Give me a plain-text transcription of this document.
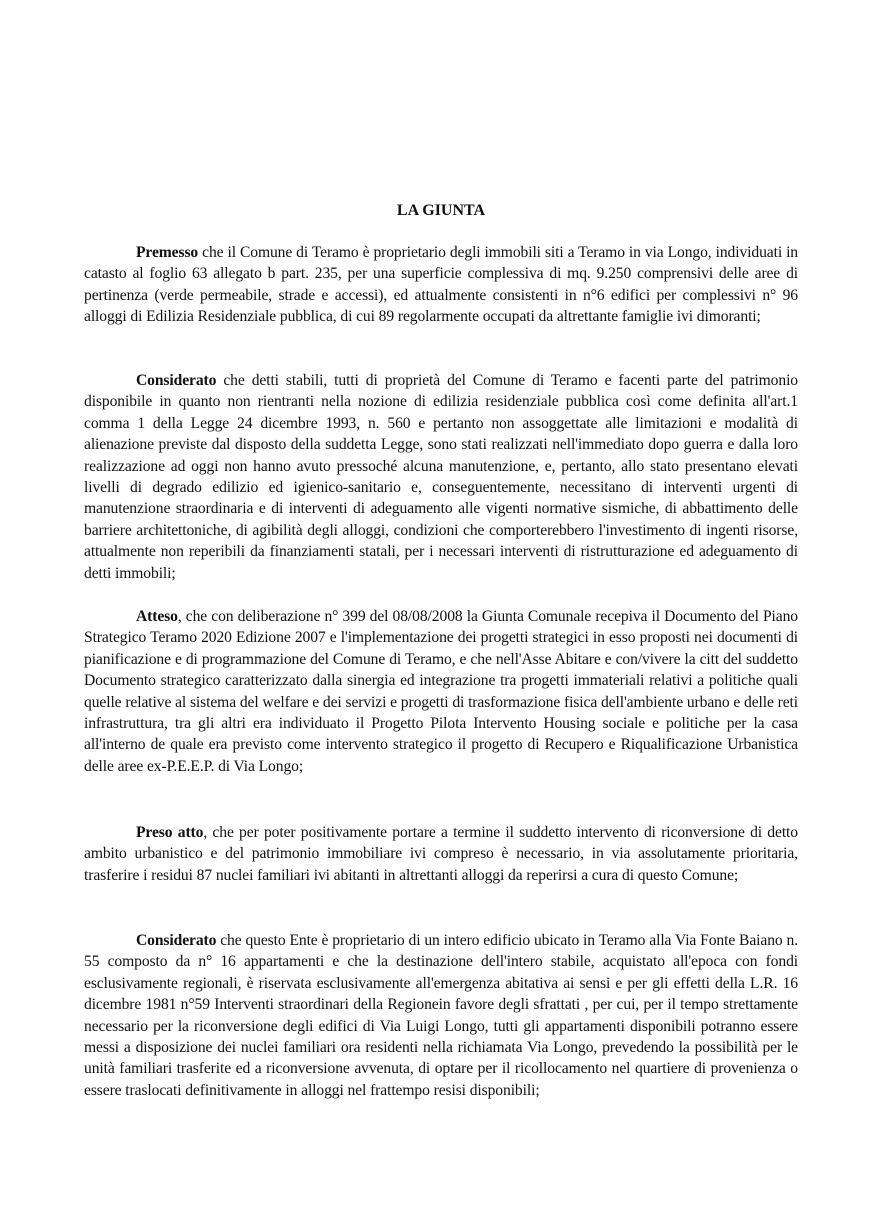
LA GIUNTA

Premesso che il Comune di Teramo è proprietario degli immobili siti a Teramo in via Longo, individuati in catasto al foglio 63 allegato b part. 235, per una superficie complessiva di mq. 9.250 comprensivi delle aree di pertinenza (verde permeabile, strade e accessi), ed attualmente consistenti in n°6 edifici per complessivi n° 96 alloggi di Edilizia Residenziale pubblica, di cui 89 regolarmente occupati da altrettante famiglie ivi dimoranti;

Considerato che detti stabili, tutti di proprietà del Comune di Teramo e facenti parte del patrimonio disponibile in quanto non rientranti nella nozione di edilizia residenziale pubblica così come definita all'art.1 comma 1 della Legge 24 dicembre 1993, n. 560 e pertanto non assoggettate alle limitazioni e modalità di alienazione previste dal disposto della suddetta Legge, sono stati realizzati nell'immediato dopo guerra e dalla loro realizzazione ad oggi non hanno avuto pressoché alcuna manutenzione, e, pertanto, allo stato presentano elevati livelli di degrado edilizio ed igienico-sanitario e, conseguentemente, necessitano di interventi urgenti di manutenzione straordinaria e di interventi di adeguamento alle vigenti normative sismiche, di abbattimento delle barriere architettoniche, di agibilità degli alloggi, condizioni che comporterebbero l'investimento di ingenti risorse, attualmente non reperibili da finanziamenti statali, per i necessari interventi di ristrutturazione ed adeguamento di detti immobili;

Atteso, che con deliberazione n° 399 del 08/08/2008 la Giunta Comunale recepiva il Documento del Piano Strategico Teramo 2020 Edizione 2007 e l'implementazione dei progetti strategici in esso proposti nei documenti di pianificazione e di programmazione del Comune di Teramo, e che nell'Asse Abitare e con/vivere la citt del suddetto Documento strategico caratterizzato dalla sinergia ed integrazione tra progetti immateriali relativi a politiche quali quelle relative al sistema del welfare e dei servizi e progetti di trasformazione fisica dell'ambiente urbano e delle reti infrastruttura, tra gli altri era individuato il Progetto Pilota Intervento Housing sociale e politiche per la casa all'interno de quale era previsto come intervento strategico il progetto di Recupero e Riqualificazione Urbanistica delle aree ex-P.E.E.P. di Via Longo;

Preso atto, che per poter positivamente portare a termine il suddetto intervento di riconversione di detto ambito urbanistico e del patrimonio immobiliare ivi compreso è necessario, in via assolutamente prioritaria, trasferire i residui 87 nuclei familiari ivi abitanti in altrettanti alloggi da reperirsi a cura di questo Comune;

Considerato che questo Ente è proprietario di un intero edificio ubicato in Teramo alla Via Fonte Baiano n. 55 composto da n° 16 appartamenti e che la destinazione dell'intero stabile, acquistato all'epoca con fondi esclusivamente regionali, è riservata esclusivamente all'emergenza abitativa ai sensi e per gli effetti della L.R. 16 dicembre 1981 n°59 Interventi straordinari della Regionein favore degli sfrattati , per cui, per il tempo strettamente necessario per la riconversione degli edifici di Via Luigi Longo, tutti gli appartamenti disponibili potranno essere messi a disposizione dei nuclei familiari ora residenti nella richiamata Via Longo, prevedendo la possibilità per le unità familiari trasferite ed a riconversione avvenuta, di optare per il ricollocamento nel quartiere di provenienza o essere traslocati definitivamente in alloggi nel frattempo resisi disponibili;
